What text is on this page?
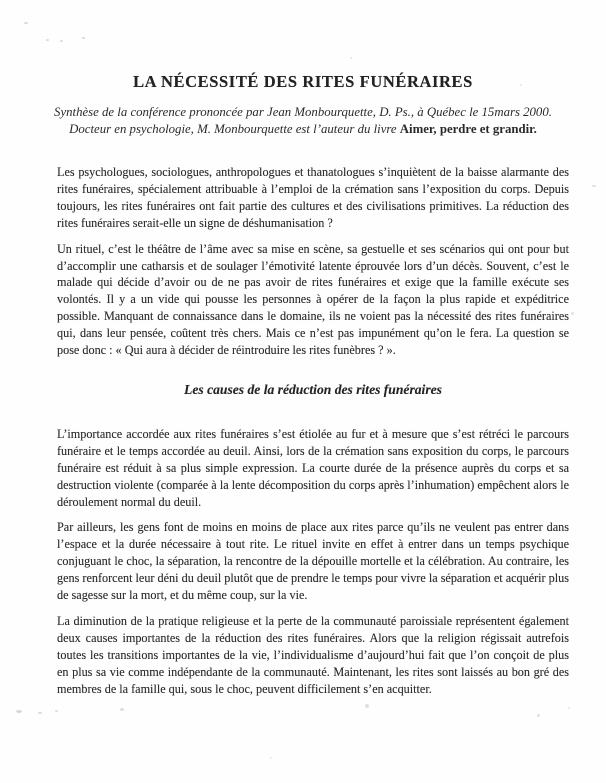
LA NÉCESSITÉ DES RITES FUNÉRAIRES

Synthèse de la conférence prononcée par Jean Monbourquette, D. Ps., à Québec le 15mars 2000.
Docteur en psychologie, M. Monbourquette est l’auteur du livre Aimer, perdre et grandir.

Les psychologues, sociologues, anthropologues et thanatologues s’inquiètent de la baisse alarmante des rites funéraires, spécialement attribuable à l’emploi de la crémation sans l’exposition du corps. Depuis toujours, les rites funéraires ont fait partie des cultures et des civilisations primitives. La réduction des rites funéraires serait-elle un signe de déshumanisation ?

Un rituel, c’est le théâtre de l’âme avec sa mise en scène, sa gestuelle et ses scénarios qui ont pour but d’accomplir une catharsis et de soulager l’émotivité latente éprouvée lors d’un décès. Souvent, c’est le malade qui décide d’avoir ou de ne pas avoir de rites funéraires et exige que la famille exécute ses volontés. Il y a un vide qui pousse les personnes à opérer de la façon la plus rapide et expéditrice possible. Manquant de connaissance dans le domaine, ils ne voient pas la nécessité des rites funéraires qui, dans leur pensée, coûtent très chers. Mais ce n’est pas impunément qu’on le fera. La question se pose donc : « Qui aura à décider de réintroduire les rites funèbres ? ».

Les causes de la réduction des rites funéraires

L’importance accordée aux rites funéraires s’est étiolée au fur et à mesure que s’est rétréci le parcours funéraire et le temps accordée au deuil. Ainsi, lors de la crémation sans exposition du corps, le parcours funéraire est réduit à sa plus simple expression. La courte durée de la présence auprès du corps et sa destruction violente (comparée à la lente décomposition du corps après l’inhumation) empêchent alors le déroulement normal du deuil.

Par ailleurs, les gens font de moins en moins de place aux rites parce qu’ils ne veulent pas entrer dans l’espace et la durée nécessaire à tout rite. Le rituel invite en effet à entrer dans un temps psychique conjuguant le choc, la séparation, la rencontre de la dépouille mortelle et la célébration. Au contraire, les gens renforcent leur déni du deuil plutôt que de prendre le temps pour vivre la séparation et acquérir plus de sagesse sur la mort, et du même coup, sur la vie.

La diminution de la pratique religieuse et la perte de la communauté paroissiale représentent également deux causes importantes de la réduction des rites funéraires. Alors que la religion régissait autrefois toutes les transitions importantes de la vie, l’individualisme d’aujourd’hui fait que l’on conçoit de plus en plus sa vie comme indépendante de la communauté. Maintenant, les rites sont laissés au bon gré des membres de la famille qui, sous le choc, peuvent difficilement s’en acquitter.
